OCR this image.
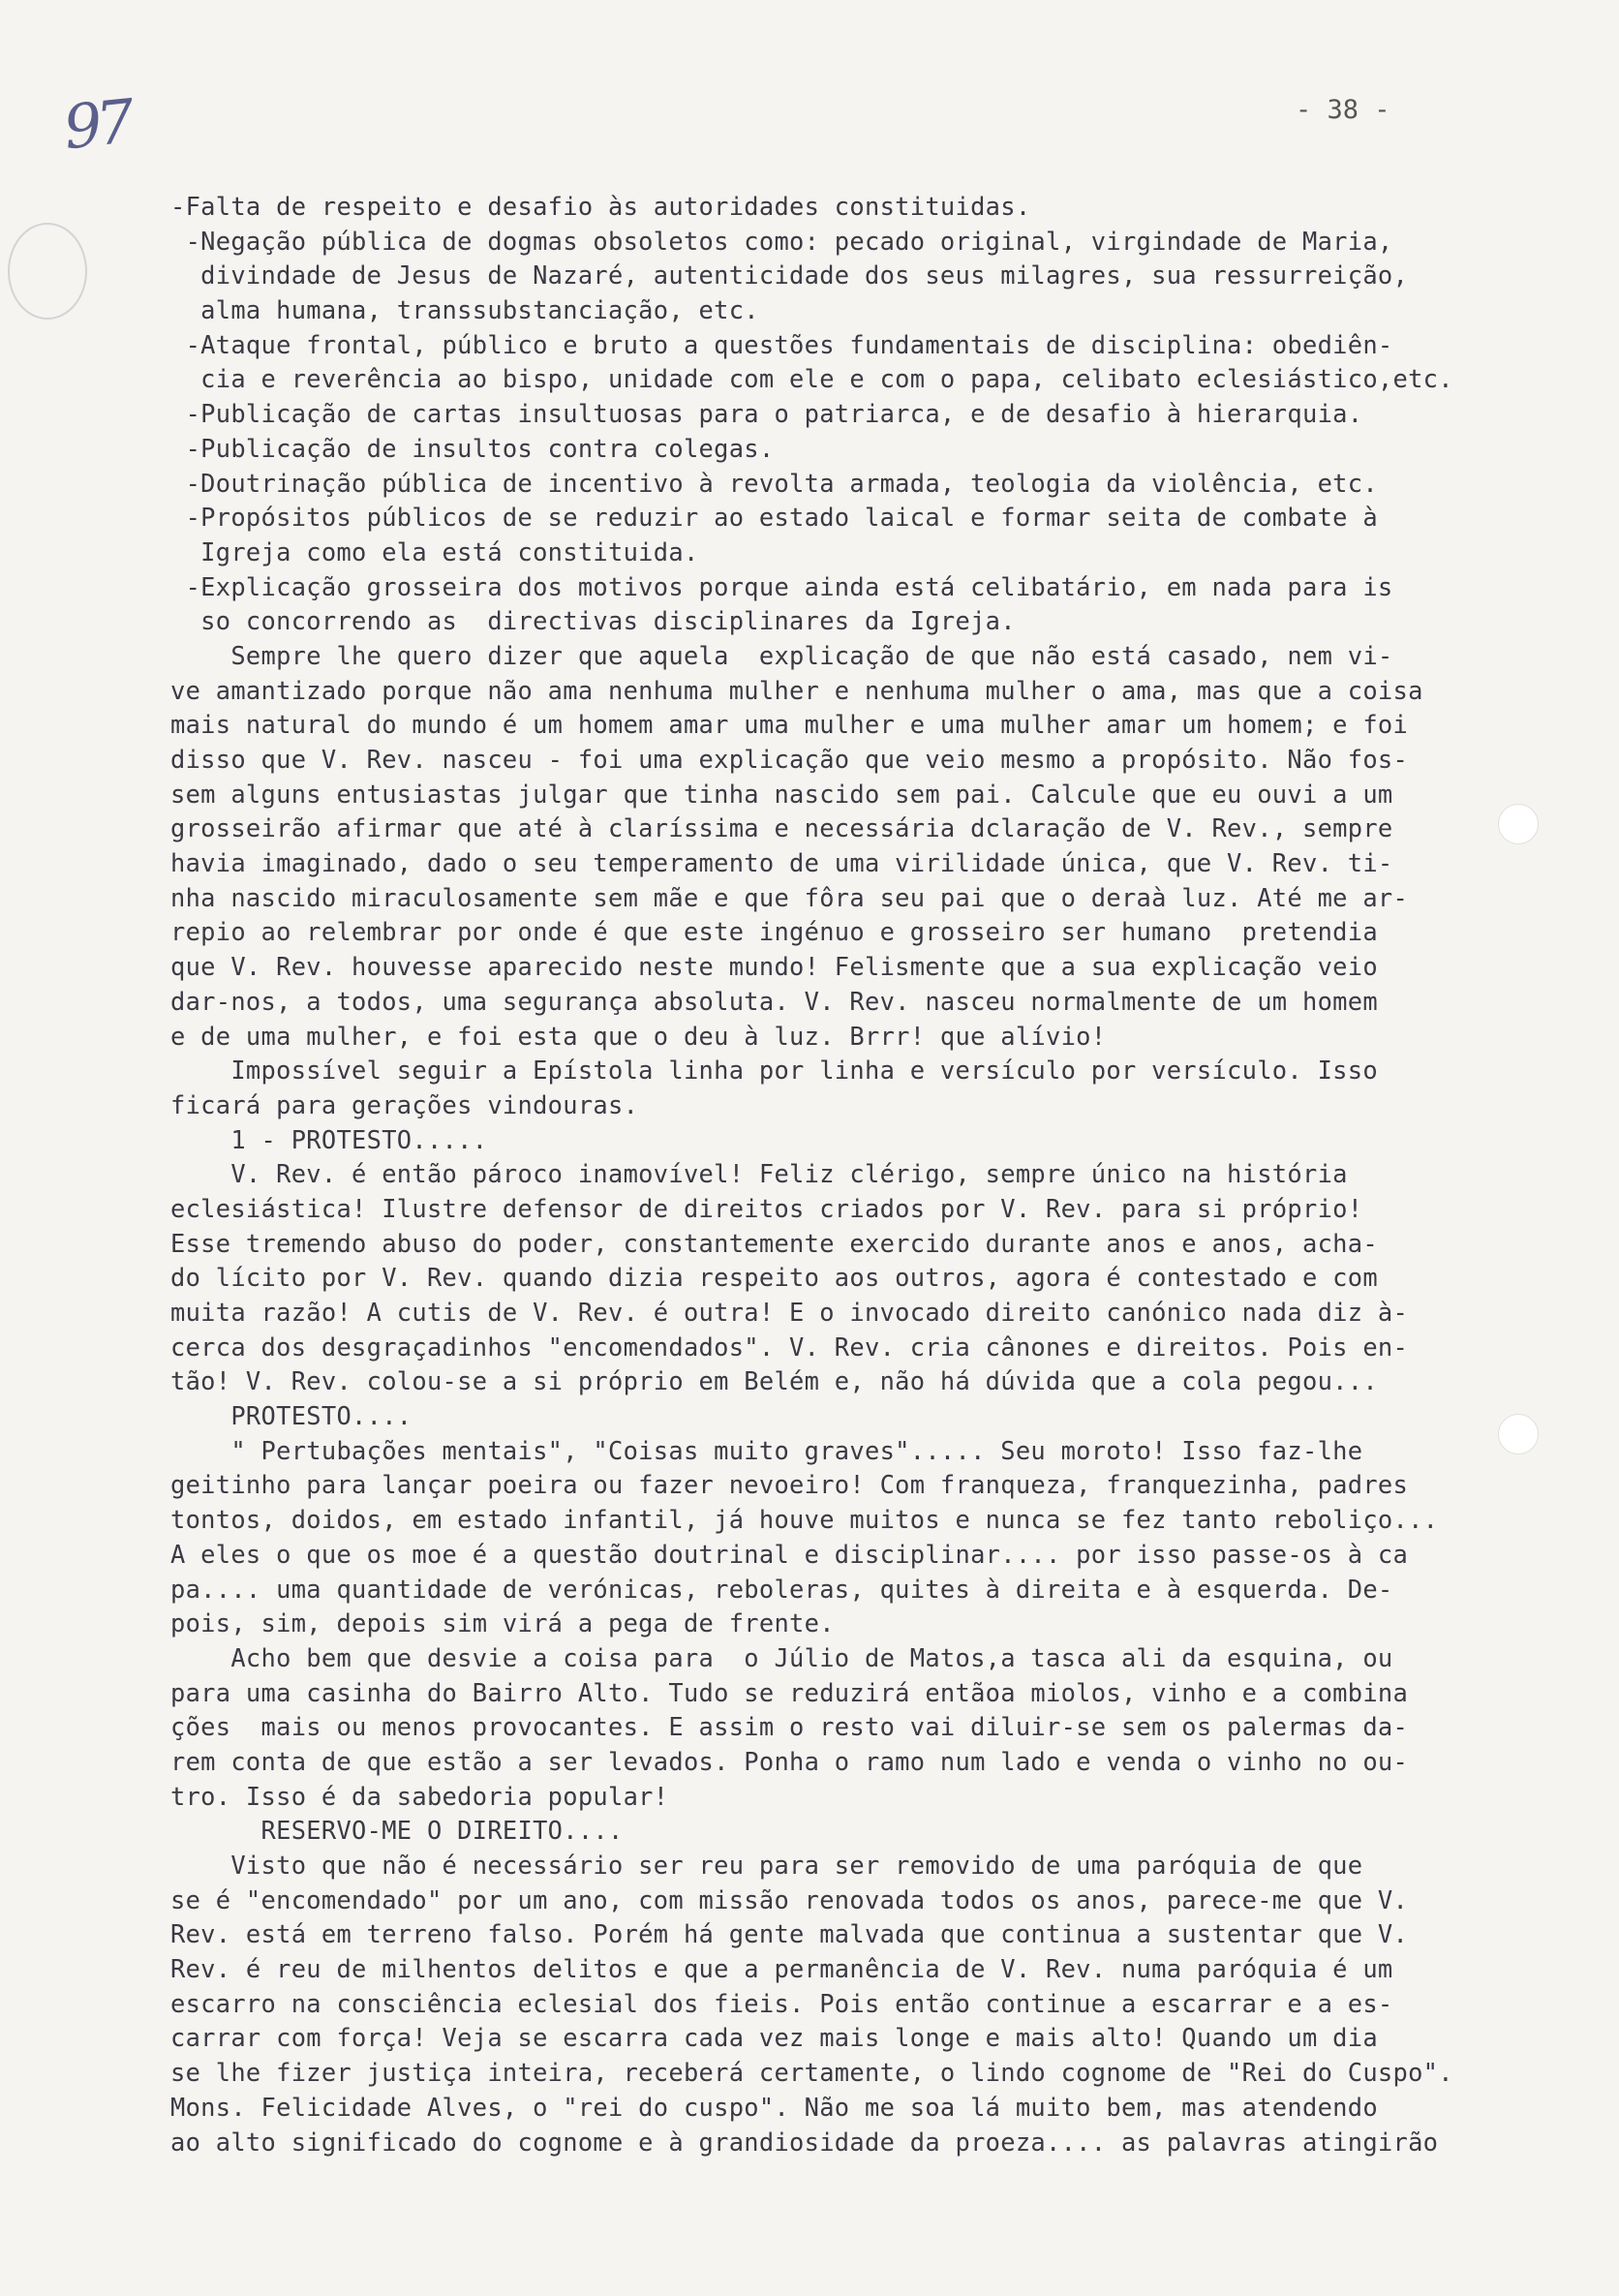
97	- 38 -
-Falta de respeito e desafio às autoridades constituidas.
-Negação pública de dogmas obsoletos como: pecado original, virgindade de Maria,
divindade de Jesus de Nazaré, autenticidade dos seus milagres, sua ressurreição,
alma humana, transsubstanciação, etc.
-Ataque frontal, público e bruto a questões fundamentais de disciplina: obediên-
cia e reverência ao bispo, unidade com ele e com o papa, celibato eclesiástico,etc.
-Publicação de cartas insultuosas para o patriarca, e de desafio à hierarquia.
-Publicação de insultos contra colegas.
-Doutrinação pública de incentivo à revolta armada, teologia da violência, etc.
-Propósitos públicos de se reduzir ao estado laical e formar seita de combate à
Igreja como ela está constituida.
-Explicação grosseira dos motivos porque ainda está celibatário, em nada para is
so concorrendo as  directivas disciplinares da Igreja.
Sempre lhe quero dizer que aquela  explicação de que não está casado, nem vi-
ve amantizado porque não ama nenhuma mulher e nenhuma mulher o ama, mas que a coisa
mais natural do mundo é um homem amar uma mulher e uma mulher amar um homem; e foi
disso que V. Rev. nasceu - foi uma explicação que veio mesmo a propósito. Não fos-
sem alguns entusiastas julgar que tinha nascido sem pai. Calcule que eu ouvi a um
grosseirão afirmar que até à claríssima e necessária dclaração de V. Rev., sempre
havia imaginado, dado o seu temperamento de uma virilidade única, que V. Rev. ti-
nha nascido miraculosamente sem mãe e que fôra seu pai que o deraà luz. Até me ar-
repio ao relembrar por onde é que este ingénuo e grosseiro ser humano  pretendia
que V. Rev. houvesse aparecido neste mundo! Felismente que a sua explicação veio
dar-nos, a todos, uma segurança absoluta. V. Rev. nasceu normalmente de um homem
e de uma mulher, e foi esta que o deu à luz. Brrr! que alívio!
Impossível seguir a Epístola linha por linha e versículo por versículo. Isso
ficará para gerações vindouras.
1 - PROTESTO.....
V. Rev. é então pároco inamovível! Feliz clérigo, sempre único na história
eclesiástica! Ilustre defensor de direitos criados por V. Rev. para si próprio!
Esse tremendo abuso do poder, constantemente exercido durante anos e anos, acha-
do lícito por V. Rev. quando dizia respeito aos outros, agora é contestado e com
muita razão! A cutis de V. Rev. é outra! E o invocado direito canónico nada diz à-
cerca dos desgraçadinhos "encomendados". V. Rev. cria cânones e direitos. Pois en-
tão! V. Rev. colou-se a si próprio em Belém e, não há dúvida que a cola pegou...
PROTESTO....
" Pertubações mentais", "Coisas muito graves"..... Seu moroto! Isso faz-lhe
geitinho para lançar poeira ou fazer nevoeiro! Com franqueza, franquezinha, padres
tontos, doidos, em estado infantil, já houve muitos e nunca se fez tanto reboliço...
A eles o que os moe é a questão doutrinal e disciplinar.... por isso passe-os à ca
pa.... uma quantidade de verónicas, reboleras, quites à direita e à esquerda. De-
pois, sim, depois sim virá a pega de frente.
Acho bem que desvie a coisa para  o Júlio de Matos,a tasca ali da esquina, ou
para uma casinha do Bairro Alto. Tudo se reduzirá entãoa miolos, vinho e a combina
ções  mais ou menos provocantes. E assim o resto vai diluir-se sem os palermas da-
rem conta de que estão a ser levados. Ponha o ramo num lado e venda o vinho no ou-
tro. Isso é da sabedoria popular!
RESERVO-ME O DIREITO....
Visto que não é necessário ser reu para ser removido de uma paróquia de que
se é "encomendado" por um ano, com missão renovada todos os anos, parece-me que V.
Rev. está em terreno falso. Porém há gente malvada que continua a sustentar que V.
Rev. é reu de milhentos delitos e que a permanência de V. Rev. numa paróquia é um
escarro na consciência eclesial dos fieis. Pois então continue a escarrar e a es-
carrar com força! Veja se escarra cada vez mais longe e mais alto! Quando um dia
se lhe fizer justiça inteira, receberá certamente, o lindo cognome de "Rei do Cuspo".
Mons. Felicidade Alves, o "rei do cuspo". Não me soa lá muito bem, mas atendendo
ao alto significado do cognome e à grandiosidade da proeza.... as palavras atingirão
